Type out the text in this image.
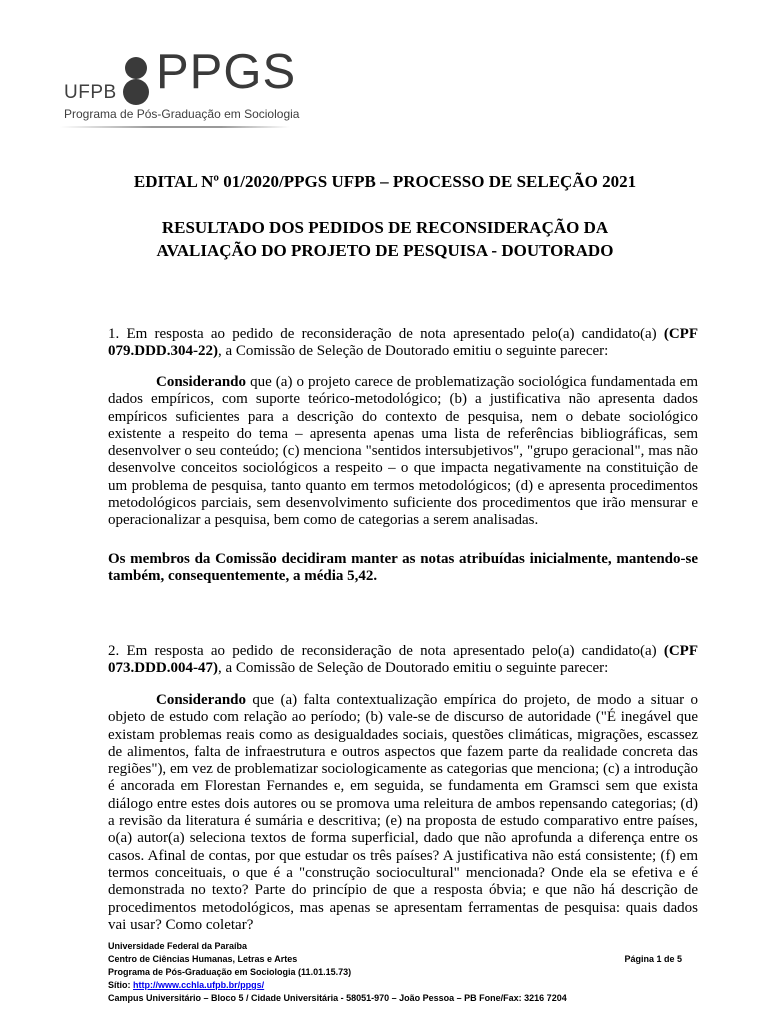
UFPB PPGS
Programa de Pós-Graduação em Sociologia
EDITAL Nº 01/2020/PPGS UFPB – PROCESSO DE SELEÇÃO 2021
RESULTADO DOS PEDIDOS DE RECONSIDERAÇÃO DA
AVALIAÇÃO DO PROJETO DE PESQUISA - DOUTORADO
1. Em resposta ao pedido de reconsideração de nota apresentado pelo(a) candidato(a) (CPF 079.DDD.304-22), a Comissão de Seleção de Doutorado emitiu o seguinte parecer:
Considerando que (a) o projeto carece de problematização sociológica fundamentada em dados empíricos, com suporte teórico-metodológico; (b) a justificativa não apresenta dados empíricos suficientes para a descrição do contexto de pesquisa, nem o debate sociológico existente a respeito do tema – apresenta apenas uma lista de referências bibliográficas, sem desenvolver o seu conteúdo; (c) menciona "sentidos intersubjetivos", "grupo geracional", mas não desenvolve conceitos sociológicos a respeito – o que impacta negativamente na constituição de um problema de pesquisa, tanto quanto em termos metodológicos; (d) e apresenta procedimentos metodológicos parciais, sem desenvolvimento suficiente dos procedimentos que irão mensurar e operacionalizar a pesquisa, bem como de categorias a serem analisadas.
Os membros da Comissão decidiram manter as notas atribuídas inicialmente, mantendo-se também, consequentemente, a média 5,42.
2. Em resposta ao pedido de reconsideração de nota apresentado pelo(a) candidato(a) (CPF 073.DDD.004-47), a Comissão de Seleção de Doutorado emitiu o seguinte parecer:
Considerando que (a) falta contextualização empírica do projeto, de modo a situar o objeto de estudo com relação ao período; (b) vale-se de discurso de autoridade ("É inegável que existam problemas reais como as desigualdades sociais, questões climáticas, migrações, escassez de alimentos, falta de infraestrutura e outros aspectos que fazem parte da realidade concreta das regiões"), em vez de problematizar sociologicamente as categorias que menciona; (c) a introdução é ancorada em Florestan Fernandes e, em seguida, se fundamenta em Gramsci sem que exista diálogo entre estes dois autores ou se promova uma releitura de ambos repensando categorias; (d) a revisão da literatura é sumária e descritiva; (e) na proposta de estudo comparativo entre países, o(a) autor(a) seleciona textos de forma superficial, dado que não aprofunda a diferença entre os casos. Afinal de contas, por que estudar os três países? A justificativa não está consistente; (f) em termos conceituais, o que é a "construção sociocultural" mencionada? Onde ela se efetiva e é demonstrada no texto? Parte do princípio de que a resposta óbvia; e que não há descrição de procedimentos metodológicos, mas apenas se apresentam ferramentas de pesquisa: quais dados vai usar? Como coletar?
Universidade Federal da Paraíba
Centro de Ciências Humanas, Letras e Artes	Página 1 de 5
Programa de Pós-Graduação em Sociologia (11.01.15.73)
Sítio: http://www.cchla.ufpb.br/ppgs/
Campus Universitário – Bloco 5 / Cidade Universitária - 58051-970 – João Pessoa – PB Fone/Fax: 3216 7204
